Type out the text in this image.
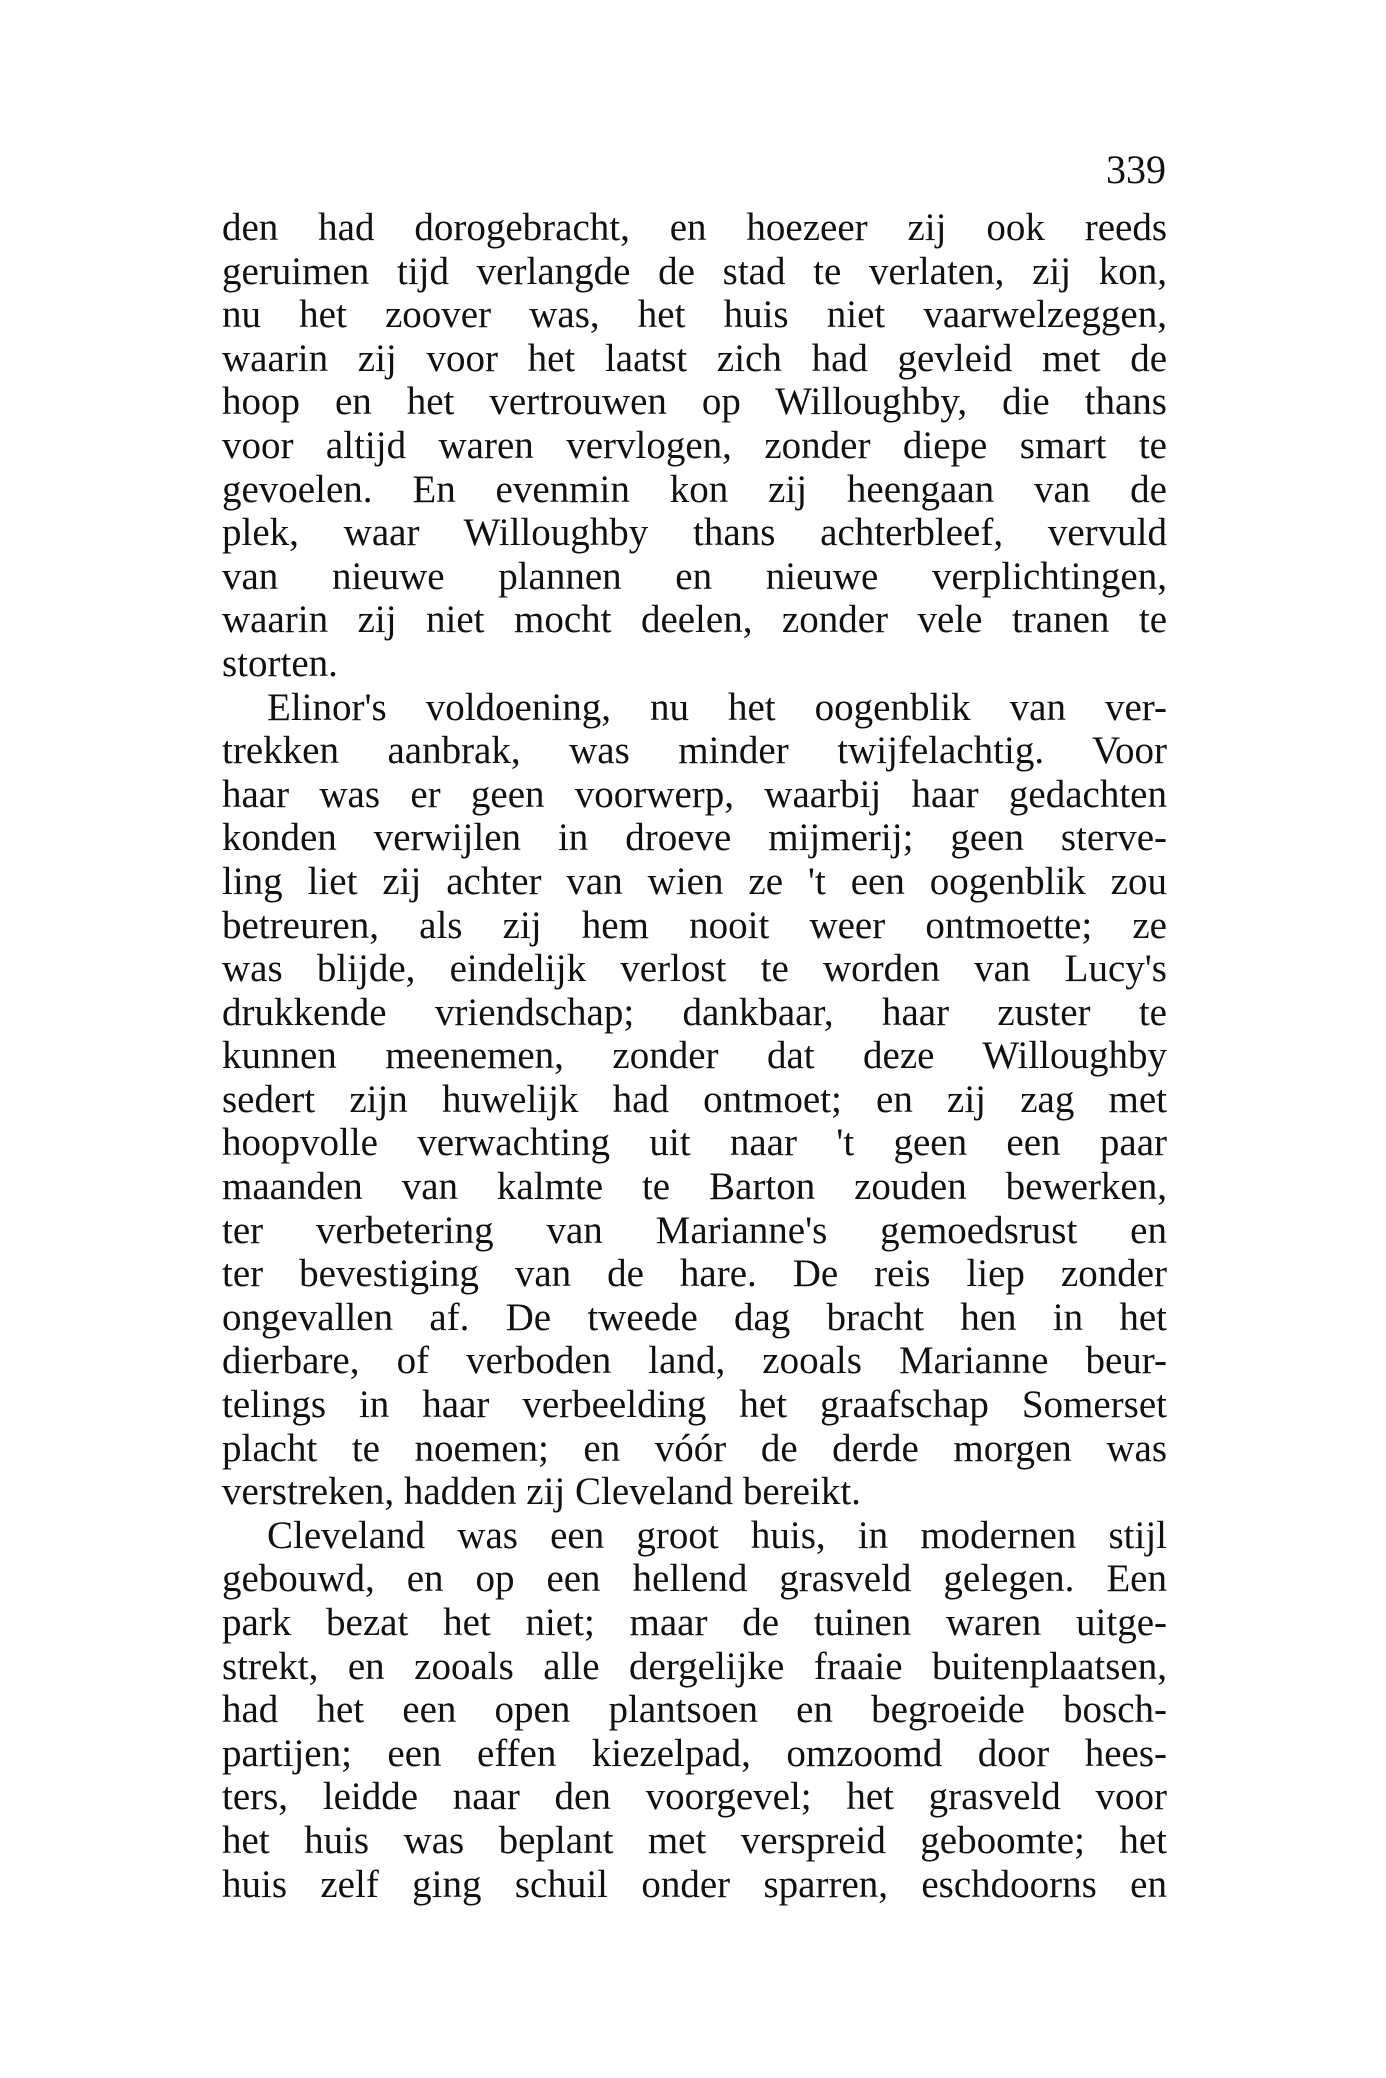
339
den had dorogebracht, en hoezeer zij ook reeds
geruimen tijd verlangde de stad te verlaten, zij kon,
nu het zoover was, het huis niet vaarwelzeggen,
waarin zij voor het laatst zich had gevleid met de
hoop en het vertrouwen op Willoughby, die thans
voor altijd waren vervlogen, zonder diepe smart te
gevoelen. En evenmin kon zij heengaan van de
plek, waar Willoughby thans achterbleef, vervuld
van nieuwe plannen en nieuwe verplichtingen,
waarin zij niet mocht deelen, zonder vele tranen te
storten.
Elinor's voldoening, nu het oogenblik van ver-
trekken aanbrak, was minder twijfelachtig. Voor
haar was er geen voorwerp, waarbij haar gedachten
konden verwijlen in droeve mijmerij; geen sterve-
ling liet zij achter van wien ze 't een oogenblik zou
betreuren, als zij hem nooit weer ontmoette; ze
was blijde, eindelijk verlost te worden van Lucy's
drukkende vriendschap; dankbaar, haar zuster te
kunnen meenemen, zonder dat deze Willoughby
sedert zijn huwelijk had ontmoet; en zij zag met
hoopvolle verwachting uit naar 't geen een paar
maanden van kalmte te Barton zouden bewerken,
ter verbetering van Marianne's gemoedsrust en
ter bevestiging van de hare. De reis liep zonder
ongevallen af. De tweede dag bracht hen in het
dierbare, of verboden land, zooals Marianne beur-
telings in haar verbeelding het graafschap Somerset
placht te noemen; en vóór de derde morgen was
verstreken, hadden zij Cleveland bereikt.
Cleveland was een groot huis, in modernen stijl
gebouwd, en op een hellend grasveld gelegen. Een
park bezat het niet; maar de tuinen waren uitge-
strekt, en zooals alle dergelijke fraaie buitenplaatsen,
had het een open plantsoen en begroeide bosch-
partijen; een effen kiezelpad, omzoomd door hees-
ters, leidde naar den voorgevel; het grasveld voor
het huis was beplant met verspreid geboomte; het
huis zelf ging schuil onder sparren, eschdoorns en
